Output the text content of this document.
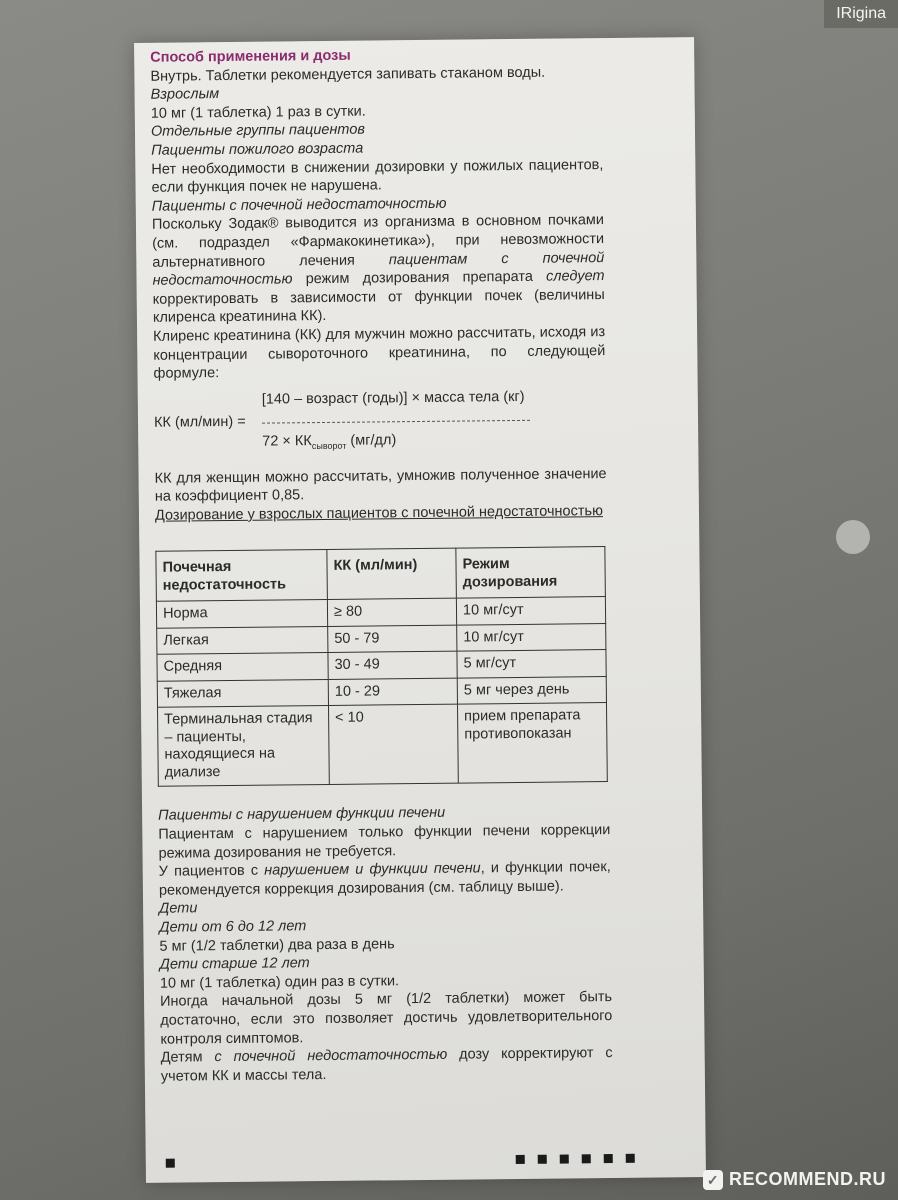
IRigina

Способ применения и дозы

Внутрь. Таблетки рекомендуется запивать стаканом воды.

Взрослым

10 мг (1 таблетка) 1 раз в сутки.

Отдельные группы пациентов

Пациенты пожилого возраста

Нет необходимости в снижении дозировки у пожилых пациентов, если функция почек не нарушена.

Пациенты с почечной недостаточностью

Поскольку Зодак® выводится из организма в основном почками (см. подраздел «Фармакокинетика»), при невозможности альтернативного лечения пациентам с почечной недостаточностью режим дозирования препарата следует корректировать в зависимости от функции почек (величины клиренса креатинина КК).

Клиренс креатинина (КК) для мужчин можно рассчитать, исходя из концентрации сывороточного креатинина, по следующей формуле:

КК (мл/мин) =
[140 – возраст (годы)] × масса тела (кг)
$72 \times КК_{сыворот}$ (мг/дл)

КК для женщин можно рассчитать, умножив полученное значение на коэффициент 0,85.

Дозирование у взрослых пациентов с почечной недостаточностью

Почечная недостаточность	КК (мл/мин)	Режим дозирования
Норма	≥ 80	10 мг/сут
Легкая	50 - 79	10 мг/сут
Средняя	30 - 49	5 мг/сут
Тяжелая	10 - 29	5 мг через день
Терминальная стадия – пациенты, находящиеся на диализе	< 10	прием препарата противопоказан

Пациенты с нарушением функции печени

Пациентам с нарушением только функции печени коррекции режима дозирования не требуется.

У пациентов с нарушением и функции печени, и функции почек, рекомендуется коррекция дозирования (см. таблицу выше).

Дети

Дети от 6 до 12 лет

5 мг (1/2 таблетки) два раза в день

Дети старше 12 лет

10 мг (1 таблетка) один раз в сутки.

Иногда начальной дозы 5 мг (1/2 таблетки) может быть достаточно, если это позволяет достичь удовлетворительного контроля симптомов.

Детям с почечной недостаточностью дозу корректируют с учетом КК и массы тела.

✓ RECOMMEND.RU
